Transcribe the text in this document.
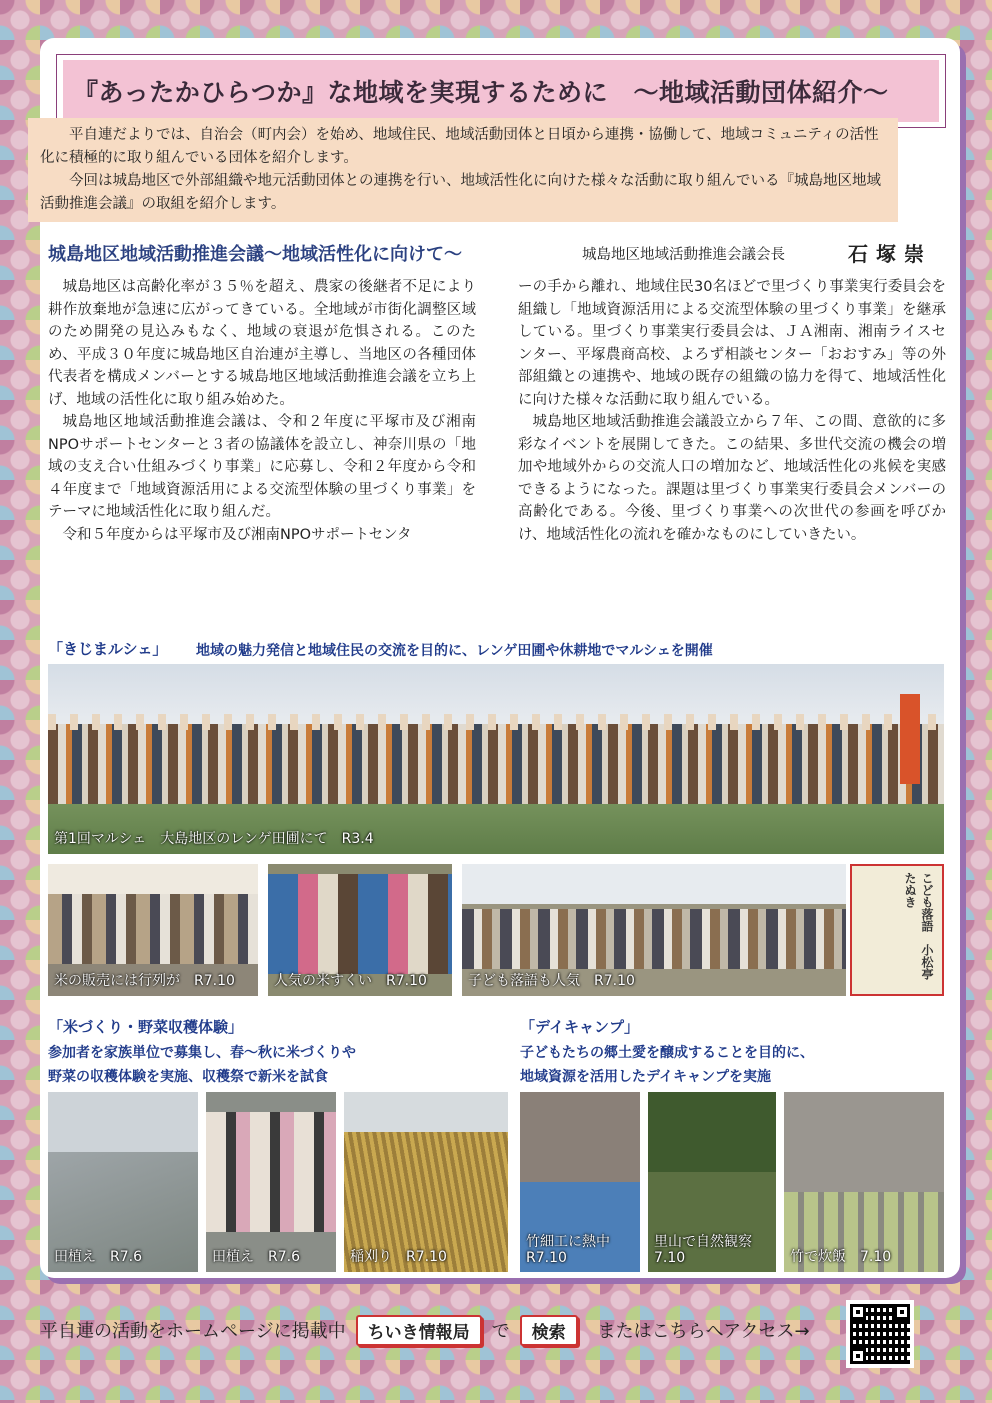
『あったかひらつか』な地域を実現するために　～地域活動団体紹介～

平自連だよりでは、自治会（町内会）を始め、地域住民、地域活動団体と日頃から連携・協働して、地域コミュニティの活性化に積極的に取り組んでいる団体を紹介します。

今回は城島地区で外部組織や地元活動団体との連携を行い、地域活性化に向けた様々な活動に取り組んでいる『城島地区地域活動推進会議』の取組を紹介します。

城島地区地域活動推進会議～地域活性化に向けて～	城島地区地域活動推進会議会長	石塚崇

城島地区は高齢化率が３５％を超え、農家の後継者不足により耕作放棄地が急速に広がってきている。全地域が市街化調整区域のため開発の見込みもなく、地域の衰退が危惧される。このため、平成３０年度に城島地区自治連が主導し、当地区の各種団体代表者を構成メンバーとする城島地区地域活動推進会議を立ち上げ、地域の活性化に取り組み始めた。

城島地区地域活動推進会議は、令和２年度に平塚市及び湘南NPOサポートセンターと３者の協議体を設立し、神奈川県の「地域の支え合い仕組みづくり事業」に応募し、令和２年度から令和４年度まで「地域資源活用による交流型体験の里づくり事業」をテーマに地域活性化に取り組んだ。

令和５年度からは平塚市及び湘南NPOサポートセンタ

ーの手から離れ、地域住民30名ほどで里づくり事業実行委員会を組織し「地域資源活用による交流型体験の里づくり事業」を継承している。里づくり事業実行委員会は、ＪＡ湘南、湘南ライスセンター、平塚農商高校、よろず相談センター「おおすみ」等の外部組織との連携や、地域の既存の組織の協力を得て、地域活性化に向けた様々な活動に取り組んでいる。

城島地区地域活動推進会議設立から７年、この間、意欲的に多彩なイベントを展開してきた。この結果、多世代交流の機会の増加や地域外からの交流人口の増加など、地域活性化の兆候を実感できるようになった。課題は里づくり事業実行委員会メンバーの高齢化である。今後、里づくり事業への次世代の参画を呼びかけ、地域活性化の流れを確かなものにしていきたい。

「きじまルシェ」 地域の魅力発信と地域住民の交流を目的に、レンゲ田圃や休耕地でマルシェを開催
第1回マルシェ　大島地区のレンゲ田圃にて　R3.4
米の販売には行列が　R7.10	人気の米すくい　R7.10	子ども落語も人気　R7.10
こども落語　小松亭たぬき
「米づくり・野菜収穫体験」
参加者を家族単位で募集し、春～秋に米づくりや
野菜の収穫体験を実施、収穫祭で新米を試食
田植え　R7.6	田植え　R7.6	稲刈り　R7.10
「デイキャンプ」
子どもたちの郷土愛を醸成することを目的に、
地域資源を活用したデイキャンプを実施
竹細工に熱中
R7.10
里山で自然観察
7.10	竹で炊飯　7.10
平自連の活動をホームページに掲載中	ちいき情報局	で	検索	またはこちらへアクセス→
